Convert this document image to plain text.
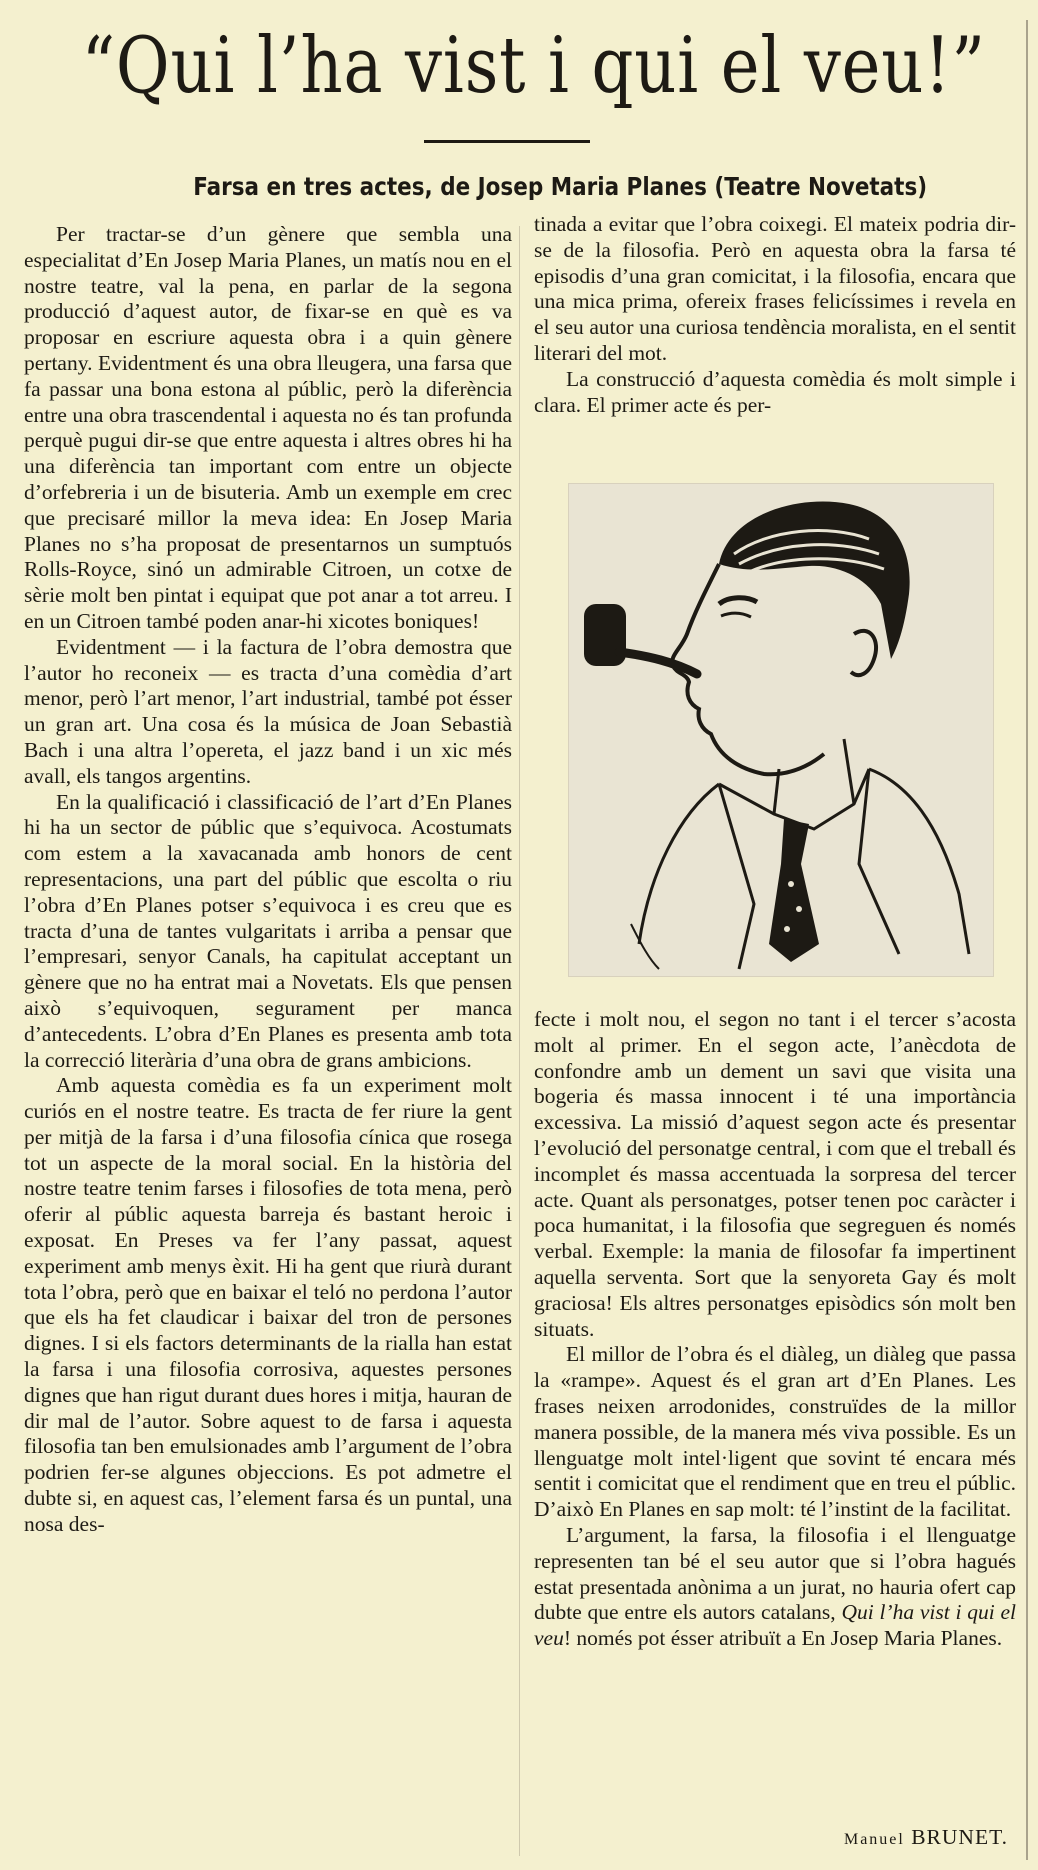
“Qui l’ha vist i qui el veu!”
Farsa en tres actes, de Josep Maria Planes (Teatre Novetats)

Per tractar-se d’un gènere que sembla una especialitat d’En Josep Maria Planes, un matís nou en el nostre teatre, val la pena, en parlar de la segona producció d’aquest autor, de fixar-se en què es va proposar en escriure aquesta obra i a quin gènere pertany. Evidentment és una obra lleugera, una farsa que fa passar una bona estona al públic, però la diferència entre una obra trascendental i aquesta no és tan profunda perquè pugui dir-se que entre aquesta i altres obres hi ha una diferència tan important com entre un objecte d’orfebreria i un de bisuteria. Amb un exemple em crec que precisaré millor la meva idea: En Josep Maria Planes no s’ha proposat de presentarnos un sumptuós Rolls-Royce, sinó un admirable Citroen, un cotxe de sèrie molt ben pintat i equipat que pot anar a tot arreu. I en un Citroen també poden anar-hi xicotes boniques!

Evidentment — i la factura de l’obra demostra que l’autor ho reconeix — es tracta d’una comèdia d’art menor, però l’art menor, l’art industrial, també pot ésser un gran art. Una cosa és la música de Joan Sebastià Bach i una altra l’opereta, el jazz band i un xic més avall, els tangos argentins.

En la qualificació i classificació de l’art d’En Planes hi ha un sector de públic que s’equivoca. Acostumats com estem a la xavacanada amb honors de cent representacions, una part del públic que escolta o riu l’obra d’En Planes potser s’equivoca i es creu que es tracta d’una de tantes vulgaritats i arriba a pensar que l’empresari, senyor Canals, ha capitulat acceptant un gènere que no ha entrat mai a Novetats. Els que pensen això s’equivoquen, segurament per manca d’antecedents. L’obra d’En Planes es presenta amb tota la correcció literària d’una obra de grans ambicions.

Amb aquesta comèdia es fa un experiment molt curiós en el nostre teatre. Es tracta de fer riure la gent per mitjà de la farsa i d’una filosofia cínica que rosega tot un aspecte de la moral social. En la història del nostre teatre tenim farses i filosofies de tota mena, però oferir al públic aquesta barreja és bastant heroic i exposat. En Preses va fer l’any passat, aquest experiment amb menys èxit. Hi ha gent que riurà durant tota l’obra, però que en baixar el teló no perdona l’autor que els ha fet claudicar i baixar del tron de persones dignes. I si els factors determinants de la rialla han estat la farsa i una filosofia corrosiva, aquestes persones dignes que han rigut durant dues hores i mitja, hauran de dir mal de l’autor. Sobre aquest to de farsa i aquesta filosofia tan ben emulsionades amb l’argument de l’obra podrien fer-se algunes objeccions. Es pot admetre el dubte si, en aquest cas, l’element farsa és un puntal, una nosa des-

tinada a evitar que l’obra coixegi. El mateix podria dir-se de la filosofia. Però en aquesta obra la farsa té episodis d’una gran comicitat, i la filosofia, encara que una mica prima, ofereix frases felicíssimes i revela en el seu autor una curiosa tendència moralista, en el sentit literari del mot.

La construcció d’aquesta comèdia és molt simple i clara. El primer acte és per-

fecte i molt nou, el segon no tant i el tercer s’acosta molt al primer. En el segon acte, l’anècdota de confondre amb un dement un savi que visita una bogeria és massa innocent i té una importància excessiva. La missió d’aquest segon acte és presentar l’evolució del personatge central, i com que el treball és incomplet és massa accentuada la sorpresa del tercer acte. Quant als personatges, potser tenen poc caràcter i poca humanitat, i la filosofia que segreguen és només verbal. Exemple: la mania de filosofar fa impertinent aquella serventa. Sort que la senyoreta Gay és molt graciosa! Els altres personatges episòdics són molt ben situats.

El millor de l’obra és el diàleg, un diàleg que passa la «rampe». Aquest és el gran art d’En Planes. Les frases neixen arrodonides, construïdes de la millor manera possible, de la manera més viva possible. Es un llenguatge molt intel·ligent que sovint té encara més sentit i comicitat que el rendiment que en treu el públic. D’això En Planes en sap molt: té l’instint de la facilitat.

L’argument, la farsa, la filosofia i el llenguatge representen tan bé el seu autor que si l’obra hagués estat presentada anònima a un jurat, no hauria ofert cap dubte que entre els autors catalans, Qui l’ha vist i qui el veu! només pot ésser atribuït a En Josep Maria Planes.

Manuel BRUNET.
